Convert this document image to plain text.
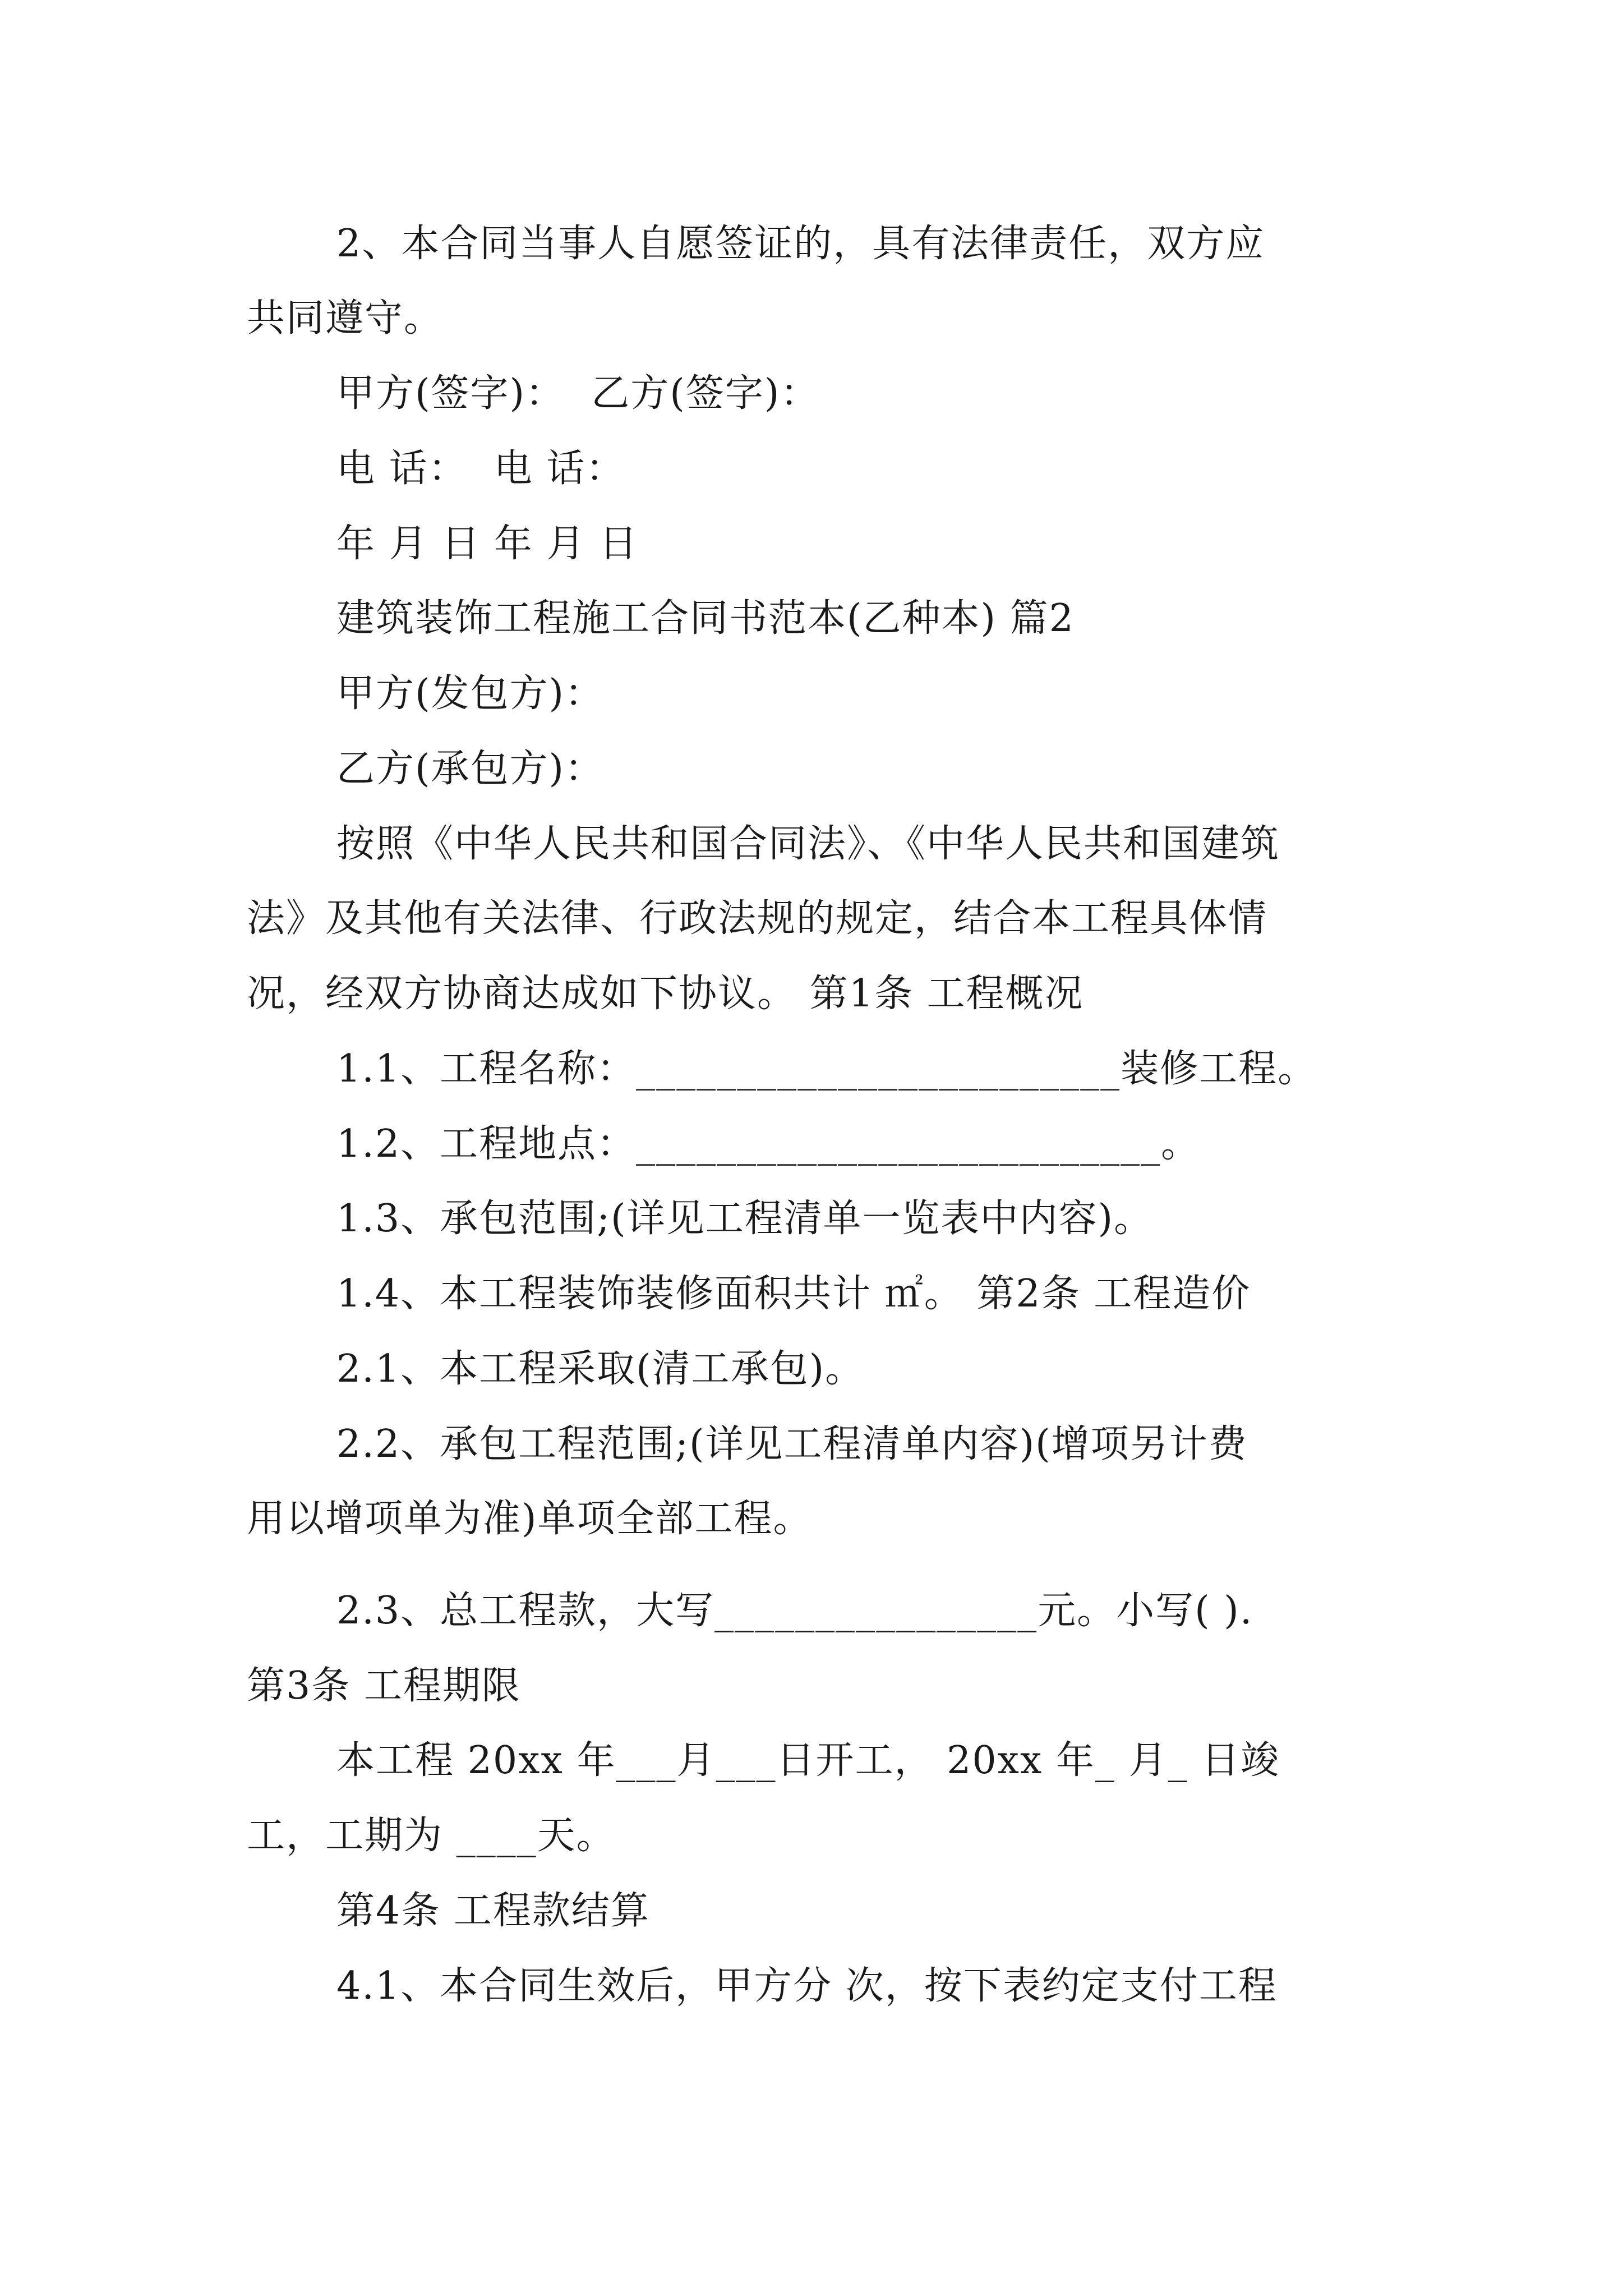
2、本合同当事人自愿签证的，具有法律责任，双方应
共同遵守。
甲方(签字)：  乙方(签字)：
电 话：  电 话：
年 月 日 年 月 日
建筑装饰工程施工合同书范本(乙种本) 篇2
甲方(发包方)：
乙方(承包方)：
按照《中华人民共和国合同法》、《中华人民共和国建筑
法》及其他有关法律、行政法规的规定，结合本工程具体情
况，经双方协商达成如下协议。 第1条 工程概况
1.1、工程名称：________________________装修工程。
1.2、工程地点：__________________________。
1.3、承包范围;(详见工程清单一览表中内容)。
1.4、本工程装饰装修面积共计 ㎡。 第2条 工程造价
2.1、本工程采取(清工承包)。
2.2、承包工程范围;(详见工程清单内容)(增项另计费
用以增项单为准)单项全部工程。
2.3、总工程款，大写________________元。小写( ).
第3条 工程期限
本工程 20xx 年___月___日开工， 20xx 年_ 月_ 日竣
工，工期为 ____天。
第4条 工程款结算
4.1、本合同生效后，甲方分 次，按下表约定支付工程
